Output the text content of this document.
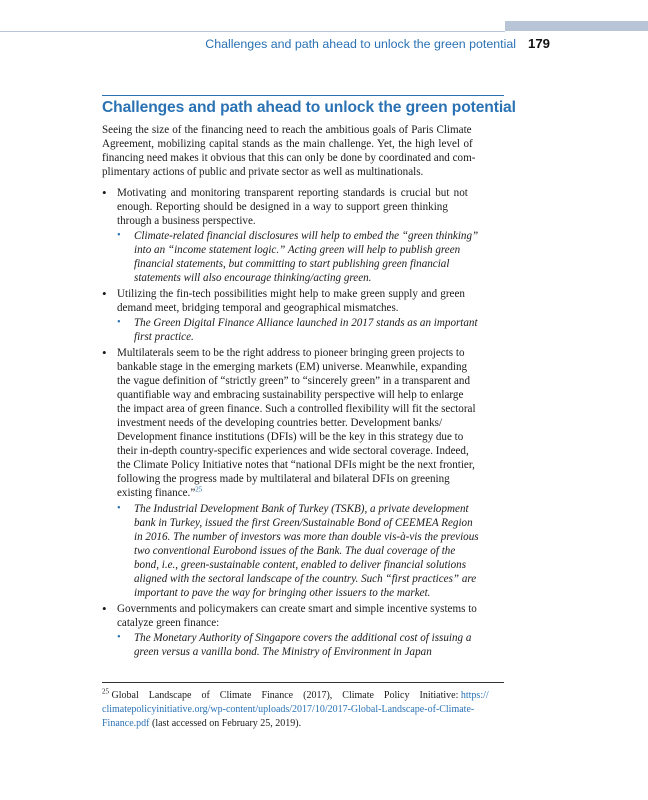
Challenges and path ahead to unlock the green potential 179
Challenges and path ahead to unlock the green potential
Seeing the size of the financing need to reach the ambitious goals of Paris Climate
Agreement, mobilizing capital stands as the main challenge. Yet, the high level of
financing need makes it obvious that this can only be done by coordinated and com-
plimentary actions of public and private sector as well as multinationals.
• Motivating and monitoring transparent reporting standards is crucial but not
enough. Reporting should be designed in a way to support green thinking
through a business perspective.
• Climate-related financial disclosures will help to embed the “green thinking”
into an “income statement logic.” Acting green will help to publish green
financial statements, but committing to start publishing green financial
statements will also encourage thinking/acting green.
• Utilizing the fin-tech possibilities might help to make green supply and green
demand meet, bridging temporal and geographical mismatches.
• The Green Digital Finance Alliance launched in 2017 stands as an important
first practice.
• Multilaterals seem to be the right address to pioneer bringing green projects to
bankable stage in the emerging markets (EM) universe. Meanwhile, expanding
the vague definition of “strictly green” to “sincerely green” in a transparent and
quantifiable way and embracing sustainability perspective will help to enlarge
the impact area of green finance. Such a controlled flexibility will fit the sectoral
investment needs of the developing countries better. Development banks/
Development finance institutions (DFIs) will be the key in this strategy due to
their in-depth country-specific experiences and wide sectoral coverage. Indeed,
the Climate Policy Initiative notes that “national DFIs might be the next frontier,
following the progress made by multilateral and bilateral DFIs on greening
existing finance.”$^{25}$
• The Industrial Development Bank of Turkey (TSKB), a private development
bank in Turkey, issued the first Green/Sustainable Bond of CEEMEA Region
in 2016. The number of investors was more than double vis-à-vis the previous
two conventional Eurobond issues of the Bank. The dual coverage of the
bond, i.e., green-sustainable content, enabled to deliver financial solutions
aligned with the sectoral landscape of the country. Such “first practices” are
important to pave the way for bringing other issuers to the market.
• Governments and policymakers can create smart and simple incentive systems to
catalyze green finance:
• The Monetary Authority of Singapore covers the additional cost of issuing a
green versus a vanilla bond. The Ministry of Environment in Japan
$^{25}$ Global    Landscape    of    Climate    Finance    (2017),    Climate    Policy    Initiative: https://
climatepolicyinitiative.org/wp-content/uploads/2017/10/2017-Global-Landscape-of-Climate-
Finance.pdf (last accessed on February 25, 2019).
